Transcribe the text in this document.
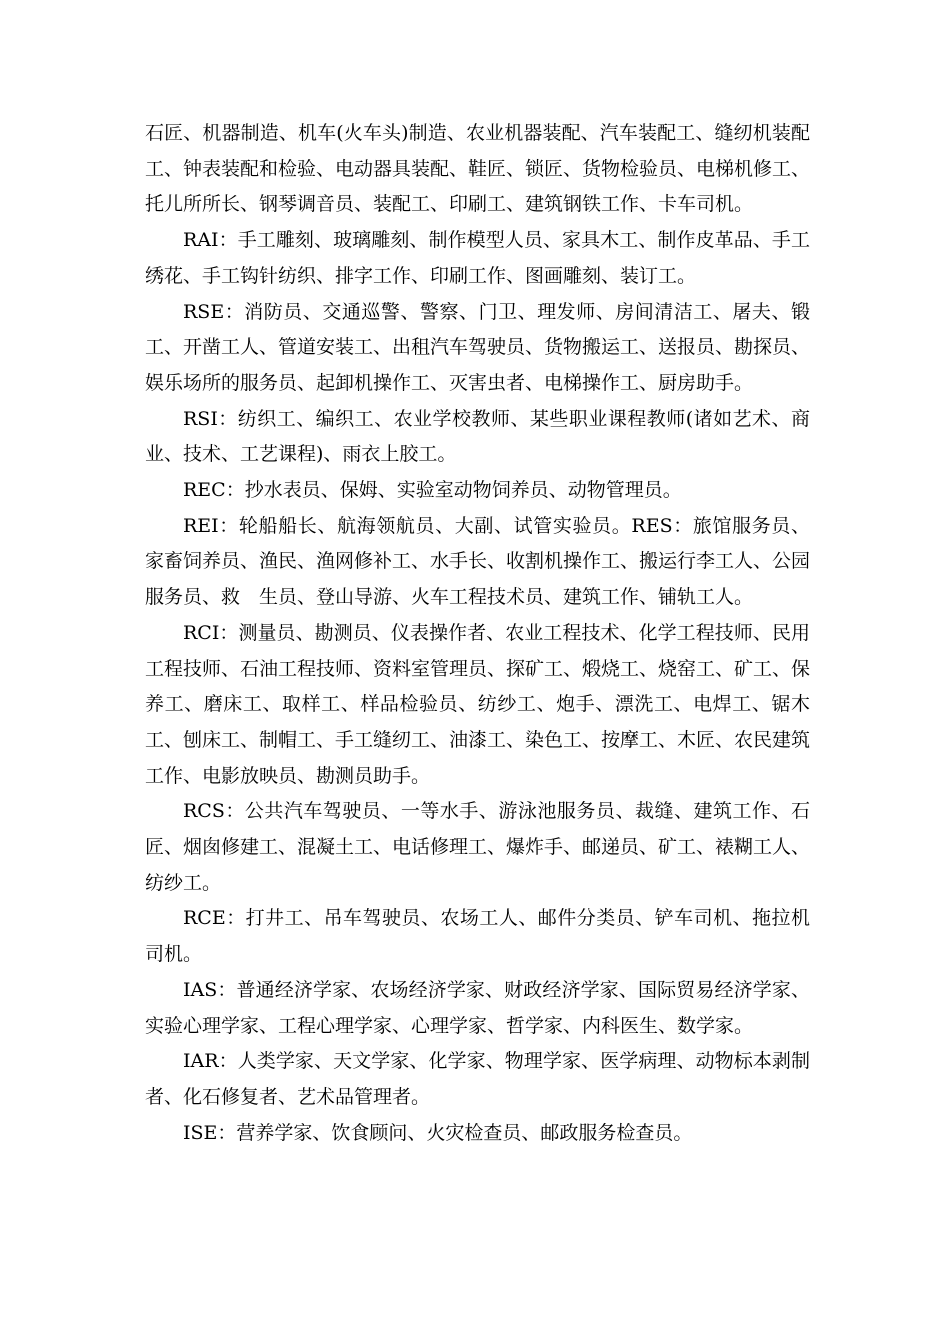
石匠、机器制造、机车(火车头)制造、农业机器装配、汽车装配工、缝纫机装配工、钟表装配和检验、电动器具装配、鞋匠、锁匠、货物检验员、电梯机修工、托儿所所长、钢琴调音员、装配工、印刷工、建筑钢铁工作、卡车司机。

RAI：手工雕刻、玻璃雕刻、制作模型人员、家具木工、制作皮革品、手工绣花、手工钩针纺织、排字工作、印刷工作、图画雕刻、装订工。

RSE：消防员、交通巡警、警察、门卫、理发师、房间清洁工、屠夫、锻工、开凿工人、管道安装工、出租汽车驾驶员、货物搬运工、送报员、勘探员、娱乐场所的服务员、起卸机操作工、灭害虫者、电梯操作工、厨房助手。

RSI：纺织工、编织工、农业学校教师、某些职业课程教师(诸如艺术、商业、技术、工艺课程)、雨衣上胶工。

REC：抄水表员、保姆、实验室动物饲养员、动物管理员。

REI：轮船船长、航海领航员、大副、试管实验员。RES：旅馆服务员、家畜饲养员、渔民、渔网修补工、水手长、收割机操作工、搬运行李工人、公园服务员、救　生员、登山导游、火车工程技术员、建筑工作、铺轨工人。

RCI：测量员、勘测员、仪表操作者、农业工程技术、化学工程技师、民用工程技师、石油工程技师、资料室管理员、探矿工、煅烧工、烧窑工、矿工、保养工、磨床工、取样工、样品检验员、纺纱工、炮手、漂洗工、电焊工、锯木工、刨床工、制帽工、手工缝纫工、油漆工、染色工、按摩工、木匠、农民建筑工作、电影放映员、勘测员助手。

RCS：公共汽车驾驶员、一等水手、游泳池服务员、裁缝、建筑工作、石匠、烟囱修建工、混凝土工、电话修理工、爆炸手、邮递员、矿工、裱糊工人、纺纱工。

RCE：打井工、吊车驾驶员、农场工人、邮件分类员、铲车司机、拖拉机司机。

IAS：普通经济学家、农场经济学家、财政经济学家、国际贸易经济学家、实验心理学家、工程心理学家、心理学家、哲学家、内科医生、数学家。

IAR：人类学家、天文学家、化学家、物理学家、医学病理、动物标本剥制者、化石修复者、艺术品管理者。

ISE：营养学家、饮食顾问、火灾检查员、邮政服务检查员。
